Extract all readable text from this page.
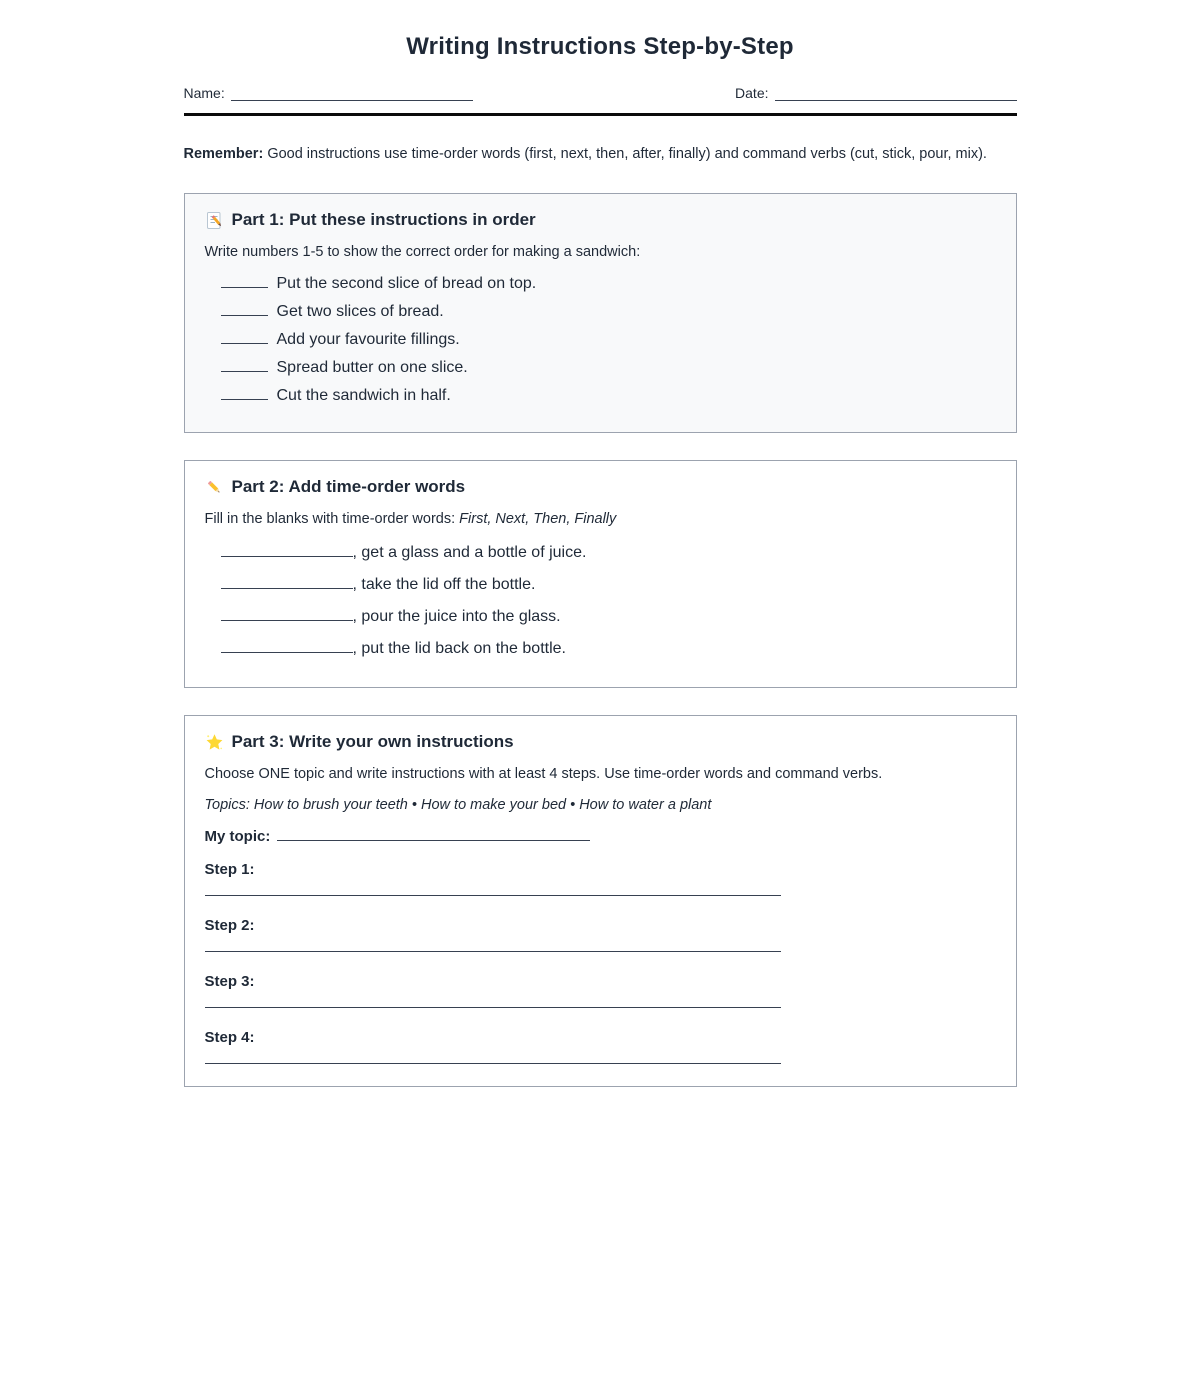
Writing Instructions Step-by-Step
Name:	Date:

Remember: Good instructions use time-order words (first, next, then, after, finally) and command verbs (cut, stick, pour, mix).

Part 1: Put these instructions in order

Write numbers 1-5 to show the correct order for making a sandwich:

Put the second slice of bread on top.
Get two slices of bread.
Add your favourite fillings.
Spread butter on one slice.
Cut the sandwich in half.
Part 2: Add time-order words

Fill in the blanks with time-order words: First, Next, Then, Finally

, get a glass and a bottle of juice.
, take the lid off the bottle.
, pour the juice into the glass.
, put the lid back on the bottle.
Part 3: Write your own instructions

Choose ONE topic and write instructions with at least 4 steps. Use time-order words and command verbs.

Topics: How to brush your teeth • How to make your bed • How to water a plant

My topic:

Step 1:

Step 2:

Step 3:

Step 4:
